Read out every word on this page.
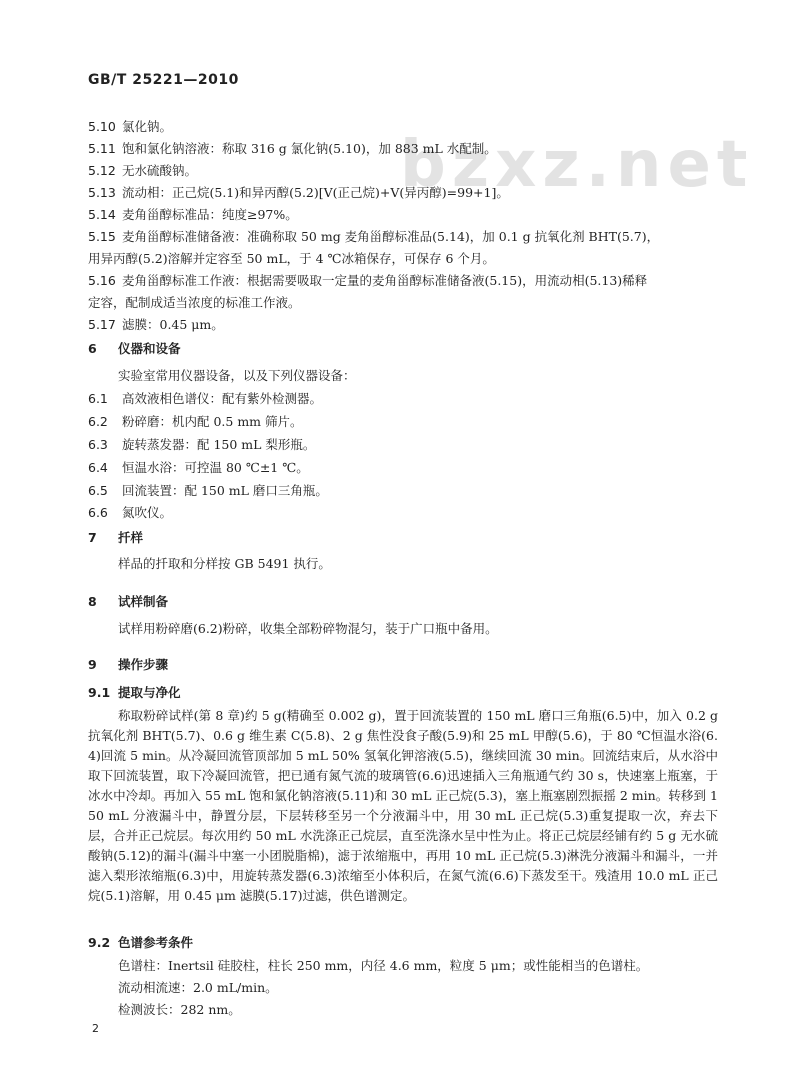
bzxz.net
GB/T 25221—2010
5.10 氯化钠。
5.11 饱和氯化钠溶液：称取 316 g 氯化钠(5.10)，加 883 mL 水配制。
5.12 无水硫酸钠。
5.13 流动相：正己烷(5.1)和异丙醇(5.2)[V(正己烷)+V(异丙醇)=99+1]。
5.14 麦角甾醇标准品：纯度≥97%。
5.15 麦角甾醇标准储备液：准确称取 50 mg 麦角甾醇标准品(5.14)，加 0.1 g 抗氧化剂 BHT(5.7)，
用异丙醇(5.2)溶解并定容至 50 mL，于 4 ℃冰箱保存，可保存 6 个月。
5.16 麦角甾醇标准工作液：根据需要吸取一定量的麦角甾醇标准储备液(5.15)，用流动相(5.13)稀释
定容，配制成适当浓度的标准工作液。
5.17 滤膜：0.45 μm。
6 仪器和设备
实验室常用仪器设备，以及下列仪器设备：
6.1 高效液相色谱仪：配有紫外检测器。
6.2 粉碎磨：机内配 0.5 mm 筛片。
6.3 旋转蒸发器：配 150 mL 梨形瓶。
6.4 恒温水浴：可控温 80 ℃±1 ℃。
6.5 回流装置：配 150 mL 磨口三角瓶。
6.6 氮吹仪。
7 扦样
样品的扦取和分样按 GB 5491 执行。
8 试样制备
试样用粉碎磨(6.2)粉碎，收集全部粉碎物混匀，装于广口瓶中备用。
9 操作步骤
9.1 提取与净化
称取粉碎试样(第 8 章)约 5 g(精确至 0.002 g)，置于回流装置的 150 mL 磨口三角瓶(6.5)中，加入 0.2 g 抗氧化剂 BHT(5.7)、0.6 g 维生素 C(5.8)、2 g 焦性没食子酸(5.9)和 25 mL 甲醇(5.6)，于 80 ℃恒温水浴(6.4)回流 5 min。从冷凝回流管顶部加 5 mL 50% 氢氧化钾溶液(5.5)，继续回流 30 min。回流结束后，从水浴中取下回流装置，取下冷凝回流管，把已通有氮气流的玻璃管(6.6)迅速插入三角瓶通气约 30 s，快速塞上瓶塞，于冰水中冷却。再加入 55 mL 饱和氯化钠溶液(5.11)和 30 mL 正己烷(5.3)，塞上瓶塞剧烈振摇 2 min。转移到 150 mL 分液漏斗中，静置分层，下层转移至另一个分液漏斗中，用 30 mL 正己烷(5.3)重复提取一次，弃去下层，合并正己烷层。每次用约 50 mL 水洗涤正己烷层，直至洗涤水呈中性为止。将正己烷层经铺有约 5 g 无水硫酸钠(5.12)的漏斗(漏斗中塞一小团脱脂棉)，滤于浓缩瓶中，再用 10 mL 正己烷(5.3)淋洗分液漏斗和漏斗，一并滤入梨形浓缩瓶(6.3)中，用旋转蒸发器(6.3)浓缩至小体积后，在氮气流(6.6)下蒸发至干。残渣用 10.0 mL 正己烷(5.1)溶解，用 0.45 μm 滤膜(5.17)过滤，供色谱测定。
9.2 色谱参考条件
色谱柱：Inertsil 硅胶柱，柱长 250 mm，内径 4.6 mm，粒度 5 μm；或性能相当的色谱柱。
流动相流速：2.0 mL/min。
检测波长：282 nm。
2
